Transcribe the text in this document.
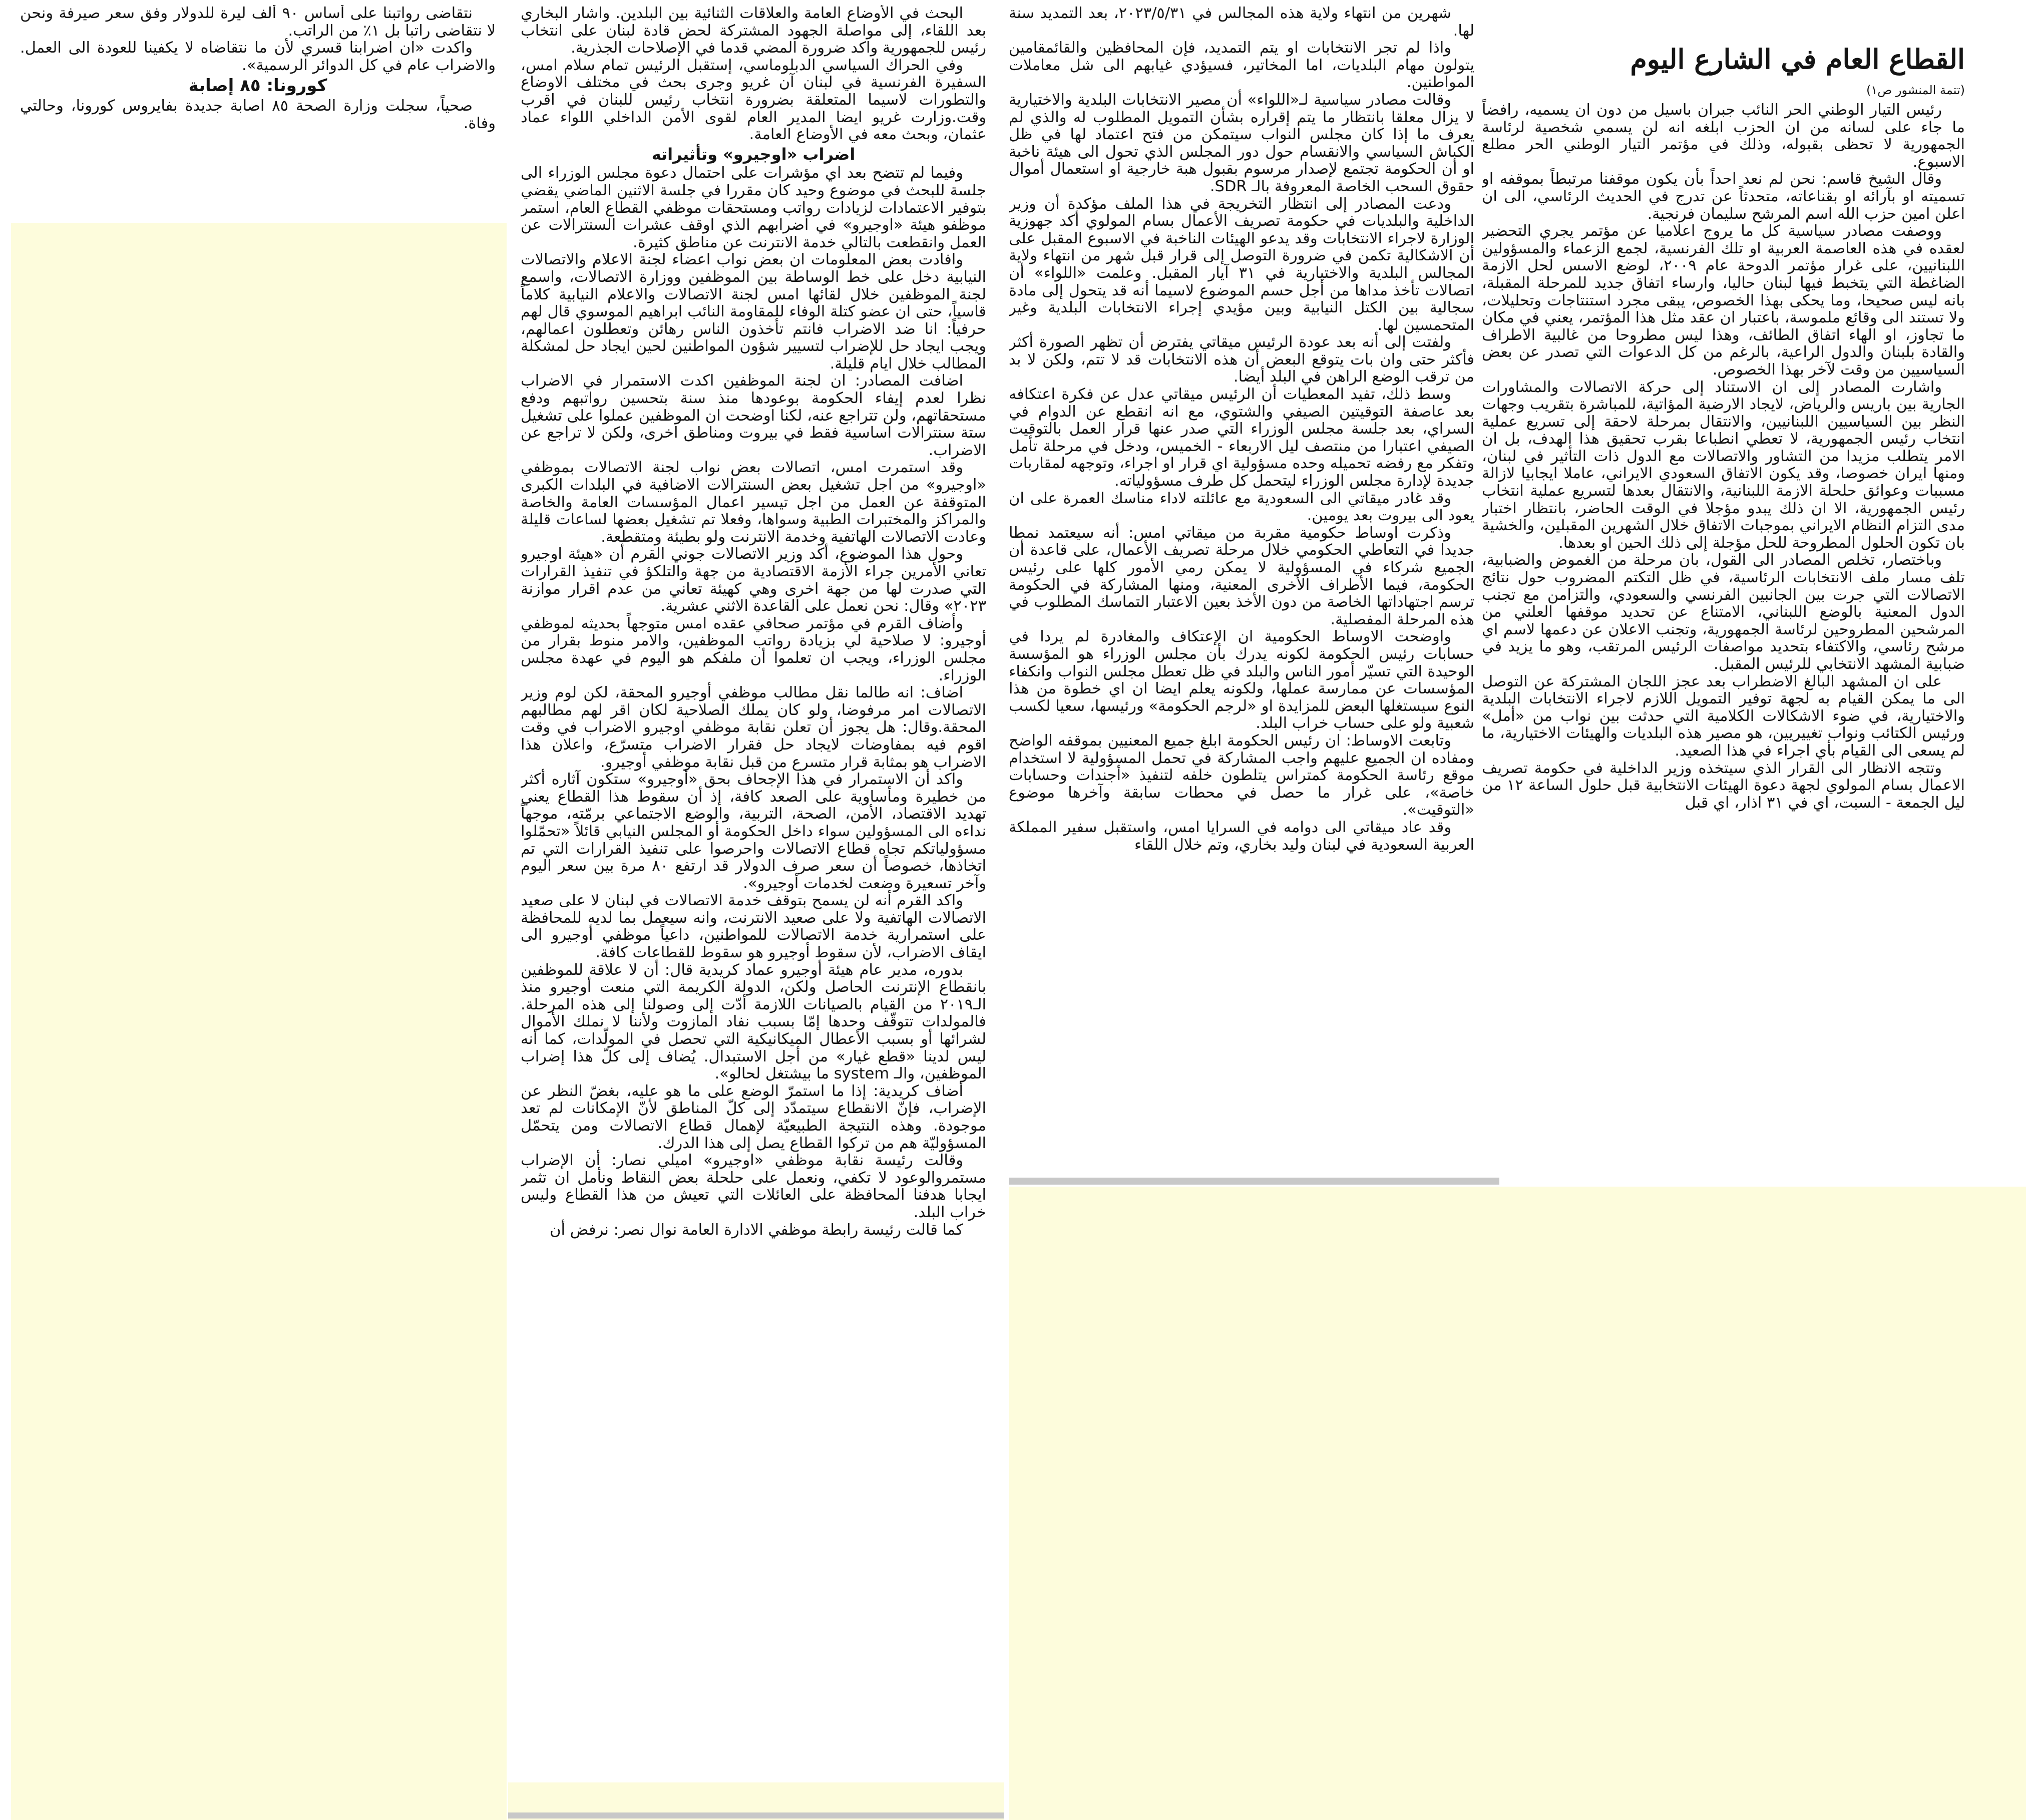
القطاع العام في الشارع اليوم
(تتمة المنشور ص١)

رئيس التيار الوطني الحر النائب جبران باسيل من دون ان يسميه، رافضاً ما جاء على لسانه من ان الحزب ابلغه انه لن يسمي شخصية لرئاسة الجمهورية لا تحظى بقبوله، وذلك في مؤتمر التيار الوطني الحر مطلع الاسبوع.

وقال الشيخ قاسم: نحن لم نعد احداً بأن يكون موقفنا مرتبطاً بموقفه او تسميته او بآرائه او بقناعاته، متحدثاً عن تدرج في الحديث الرئاسي، الى ان اعلن امين حزب الله اسم المرشح سليمان فرنجية.

ووصفت مصادر سياسية كل ما يروج اعلاميا عن مؤتمر يجري التحضير لعقده في هذه العاصمة العربية او تلك الفرنسية، لجمع الزعماء والمسؤولين اللبنانيين، على غرار مؤتمر الدوحة عام ٢٠٠٩، لوضع الاسس لحل الازمة الضاغطة التي يتخبط فيها لبنان حاليا، وارساء اتفاق جديد للمرحلة المقبلة، بانه ليس صحيحا، وما يحكى بهذا الخصوص، يبقى مجرد استنتاجات وتحليلات، ولا تستند الى وقائع ملموسة، باعتبار ان عقد مثل هذا المؤتمر، يعني في مكان ما تجاوز، او الهاء اتفاق الطائف، وهذا ليس مطروحا من غالبية الاطراف والقادة بلبنان والدول الراعية، بالرغم من كل الدعوات التي تصدر عن بعض السياسيين من وقت لآخر بهذا الخصوص.

واشارت المصادر إلى ان الاستناد إلى حركة الاتصالات والمشاورات الجارية بين باريس والرياض، لايجاد الارضية المؤاتية، للمباشرة بتقريب وجهات النظر بين السياسيين اللبنانيين، والانتقال بمرحلة لاحقة إلى تسريع عملية انتخاب رئيس الجمهورية، لا تعطي انطباعا بقرب تحقيق هذا الهدف، بل ان الامر يتطلب مزيدا من التشاور والاتصالات مع الدول ذات التأثير في لبنان، ومنها ايران خصوصا، وقد يكون الاتفاق السعودي الايراني، عاملا ايجابيا لازالة مسببات وعوائق حلحلة الازمة اللبنانية، والانتقال بعدها لتسريع عملية انتخاب رئيس الجمهورية، الا ان ذلك يبدو مؤجلا في الوقت الحاضر، بانتظار اختبار مدى التزام النظام الايراني بموجبات الاتفاق خلال الشهرين المقبلين، والخشية بان تكون الحلول المطروحة للحل مؤجلة إلى ذلك الحين او بعدها.

وباختصار، تخلص المصادر الى القول، بان مرحلة من الغموض والضبابية، تلف مسار ملف الانتخابات الرئاسية، في ظل التكتم المضروب حول نتائج الاتصالات التي جرت بين الجانبين الفرنسي والسعودي، والتزامن مع تجنب الدول المعنية بالوضع اللبناني، الامتناع عن تحديد موقفها العلني من المرشحين المطروحين لرئاسة الجمهورية، وتجنب الاعلان عن دعمها لاسم اي مرشح رئاسي، والاكتفاء بتحديد مواصفات الرئيس المرتقب، وهو ما يزيد في ضبابية المشهد الانتخابي للرئيس المقبل.

على ان المشهد البالغ الاضطراب بعد عجز اللجان المشتركة عن التوصل الى ما يمكن القيام به لجهة توفير التمويل اللازم لاجراء الانتخابات البلدية والاختيارية، في ضوء الاشكالات الكلامية التي حدثت بين نواب من «أمل» ورئيس الكتائب ونواب تغييريين، هو مصير هذه البلديات والهيئات الاختيارية، ما لم يسعى الى القيام بأي اجراء في هذا الصعيد.

وتتجه الانظار الى القرار الذي سيتخذه وزير الداخلية في حكومة تصريف الاعمال بسام المولوي لجهة دعوة الهيئات الانتخابية قبل حلول الساعة ١٢ من ليل الجمعة - السبت، اي في ٣١ اذار، اي قبل

شهرين من انتهاء ولاية هذه المجالس في ٢٠٢٣/٥/٣١، بعد التمديد سنة لها.

واذا لم تجر الانتخابات او يتم التمديد، فإن المحافظين والقائمقامين يتولون مهام البلديات، اما المخاتير، فسيؤدي غيابهم الى شل معاملات المواطنين.

وقالت مصادر سياسية لـ«اللواء» أن مصير الانتخابات البلدية والاختيارية لا يزال معلقا بانتظار ما يتم إقراره بشأن التمويل المطلوب له والذي لم يعرف ما إذا كان مجلس النواب سيتمكن من فتح اعتماد لها في ظل الكباش السياسي والانقسام حول دور المجلس الذي تحول الى هيئة ناخبة او أن الحكومة تجتمع لإصدار مرسوم بقبول هبة خارجية او استعمال أموال حقوق السحب الخاصة المعروفة بالـ SDR.

ودعت المصادر إلى انتظار التخريجة في هذا الملف مؤكدة أن وزير الداخلية والبلديات في حكومة تصريف الأعمال بسام المولوي أكد جهوزية الوزارة لاجراء الانتخابات وقد يدعو الهيئات الناخبة في الاسبوع المقبل على أن الاشكالية تكمن في ضرورة التوصل إلى قرار قبل شهر من انتهاء ولاية المجالس البلدية والاختيارية في ٣١ آيار المقبل. وعلمت «اللواء» أن اتصالات تأخذ مداها من أجل حسم الموضوع لاسيما أنه قد يتحول إلى مادة سجالية بين الكتل النيابية وبين مؤيدي إجراء الانتخابات البلدية وغير المتحمسين لها.

ولفتت إلى أنه بعد عودة الرئيس ميقاتي يفترض أن تظهر الصورة أكثر فأكثر حتى وان بات يتوقع البعض أن هذه الانتخابات قد لا تتم، ولكن لا بد من ترقب الوضع الراهن في البلد أيضا.

وسط ذلك، تفيد المعطيات أن الرئيس ميقاتي عدل عن فكرة اعتكافه بعد عاصفة التوقيتين الصيفي والشتوي، مع انه انقطع عن الدوام في السراي، بعد جلسة مجلس الوزراء التي صدر عنها قرار العمل بالتوقيت الصيفي اعتبارا من منتصف ليل الاربعاء - الخميس، ودخل في مرحلة تأمل وتفكر مع رفضه تحميله وحده مسؤولية اي قرار او اجراء، وتوجهه لمقاربات جديدة لإدارة مجلس الوزراء ليتحمل كل طرف مسؤولياته.

وقد غادر ميقاتي الى السعودية مع عائلته لاداء مناسك العمرة على ان يعود الى بيروت بعد يومين.

وذكرت اوساط حكومية مقربة من ميقاتي امس: أنه سيعتمد نمطا جديدا في التعاطي الحكومي خلال مرحلة تصريف الأعمال، على قاعدة أن الجميع شركاء في المسؤولية لا يمكن رمي الأمور كلها على رئيس الحكومة، فيما الأطراف الأخرى المعنية، ومنها المشاركة في الحكومة ترسم اجتهاداتها الخاصة من دون الأخذ بعين الاعتبار التماسك المطلوب في هذه المرحلة المفصلية.

واوضحت الاوساط الحكومية ان الإعتكاف والمغادرة لم يردا في حسابات رئيس الحكومة لكونه يدرك بأن مجلس الوزراء هو المؤسسة الوحيدة التي تسيّر أمور الناس والبلد في ظل تعطل مجلس النواب وانكفاء المؤسسات عن ممارسة عملها، ولكونه يعلم ايضا ان اي خطوة من هذا النوع سيستغلها البعض للمزايدة او «لرجم الحكومة» ورئيسها، سعيا لكسب شعبية ولو على حساب خراب البلد.

وتابعت الاوساط: ان رئيس الحكومة ابلغ جميع المعنيين بموقفه الواضح ومفاده ان الجميع عليهم واجب المشاركة في تحمل المسؤولية لا استخدام موقع رئاسة الحكومة كمتراس يتلطون خلفه لتنفيذ «أجندات وحسابات خاصة»، على غرار ما حصل في محطات سابقة وآخرها موضوع «التوقيت».

وقد عاد ميقاتي الى دوامه في السرايا امس، واستقبل سفير المملكة العربية السعودية في لبنان وليد بخاري، وتم خلال اللقاء

البحث في الأوضاع العامة والعلاقات الثنائية بين البلدين. واشار البخاري بعد اللقاء، إلى مواصلة الجهود المشتركة لحض قادة لبنان على انتخاب رئيس للجمهورية واكد ضرورة المضي قدما في الإصلاحات الجذرية.

وفي الحراك السياسي الدبلوماسي، إستقبل الرئيس تمام سلام امس، السفيرة الفرنسية في لبنان آن غريو وجرى بحث في مختلف الاوضاع والتطورات لاسيما المتعلقة بضرورة انتخاب رئيس للبنان في اقرب وقت.وزارت غريو ايضا المدير العام لقوى الأمن الداخلي اللواء عماد عثمان، وبحث معه في الأوضاع العامة.

اضراب «اوجيرو» وتأثيراته

وفيما لم تتضح بعد اي مؤشرات على احتمال دعوة مجلس الوزراء الى جلسة للبحث في موضوع وحيد كان مقررا في جلسة الاثنين الماضي يقضي بتوفير الاعتمادات لزيادات رواتب ومستحقات موظفي القطاع العام، استمر موظفو هيئة «اوجيرو» في اضرابهم الذي اوقف عشرات السنترالات عن العمل وانقطعت بالتالي خدمة الانترنت عن مناطق كثيرة.

وافادت بعض المعلومات ان بعض نواب اعضاء لجنة الاعلام والاتصالات النيابية دخل على خط الوساطة بين الموظفين ووزارة الاتصالات، واسمع لجنة الموظفين خلال لقائها امس لجنة الاتصالات والاعلام النيابية كلاماً قاسياً، حتى ان عضو كتلة الوفاء للمقاومة النائب ابراهيم الموسوي قال لهم حرفياً: انا ضد الاضراب فانتم تأخذون الناس رهائن وتعطلون اعمالهم، ويجب ايجاد حل للإضراب لتسيير شؤون المواطنين لحين ايجاد حل لمشكلة المطالب خلال ايام قليلة.

اضافت المصادر: ان لجنة الموظفين اكدت الاستمرار في الاضراب نظرا لعدم إيفاء الحكومة بوعودها منذ سنة بتحسين رواتبهم ودفع مستحقاتهم، ولن تتراجع عنه، لكنا اوضحت ان الموظفين عملوا على تشغيل ستة سنترالات اساسية فقط في بيروت ومناطق اخرى، ولكن لا تراجع عن الاضراب.

وقد استمرت امس، اتصالات بعض نواب لجنة الاتصالات بموظفي «اوجيرو» من اجل تشغيل بعض السنترالات الاضافية في البلدات الكبرى المتوقفة عن العمل من اجل تيسير اعمال المؤسسات العامة والخاصة والمراكز والمختبرات الطبية وسواها، وفعلا تم تشغيل بعضها لساعات قليلة وعادت الاتصالات الهاتفية وخدمة الانترنت ولو بطيئة ومتقطعة.

وحول هذا الموضوع، أكد وزير الاتصالات جوني القرم أن «هيئة اوجيرو تعاني الأمرين جراء الأزمة الاقتصادية من جهة والتلكؤ في تنفيذ القرارات التي صدرت لها من جهة اخرى وهي كهيئة تعاني من عدم اقرار موازنة ٢٠٢٣» وقال: نحن نعمل على القاعدة الاثني عشرية.

وأضاف القرم في مؤتمر صحافي عقده امس متوجهاً بحديثه لموظفي أوجيرو: لا صلاحية لي بزيادة رواتب الموظفين، والامر منوط بقرار من مجلس الوزراء، ويجب ان تعلموا أن ملفكم هو اليوم في عهدة مجلس الوزراء.

اضاف: انه طالما نقل مطالب موظفي أوجيرو المحقة، لكن لوم وزير الاتصالات امر مرفوضا، ولو كان يملك الصلاحية لكان اقر لهم مطالبهم المحقة.وقال: هل يجوز أن تعلن نقابة موظفي اوجيرو الاضراب في وقت اقوم فيه بمفاوضات لايجاد حل فقرار الاضراب متسرّع، واعلان هذا الاضراب هو بمثابة قرار متسرع من قبل نقابة موظفي أوجيرو.

واكد أن الاستمرار في هذا الإجحاف بحق «أوجيرو» ستكون آثاره أكثر من خطيرة ومأساوية على الصعد كافة، إذ أن سقوط هذا القطاع يعني تهديد الاقتصاد، الأمن، الصحة، التربية، والوضع الاجتماعي برمّته، موجهاً نداءه الى المسؤولين سواء داخل الحكومة أو المجلس النيابي قائلاً «تحمّلوا مسؤولياتكم تجاه قطاع الاتصالات واحرصوا على تنفيذ القرارات التي تم اتخاذها، خصوصاً أن سعر صرف الدولار قد ارتفع ٨٠ مرة بين سعر اليوم وآخر تسعيرة وضعت لخدمات أوجيرو».

واكد القرم أنه لن يسمح بتوقف خدمة الاتصالات في لبنان لا على صعيد الاتصالات الهاتفية ولا على صعيد الانترنت، وانه سيعمل بما لديه للمحافظة على استمرارية خدمة الاتصالات للمواطنين، داعياً موظفي أوجيرو الى ايقاف الاضراب، لأن سقوط أوجيرو هو سقوط للقطاعات كافة.

بدوره، مدير عام هيئة أوجيرو عماد كريدية قال: أن لا علاقة للموظفين بانقطاع الإنترنت الحاصل ولكن، الدولة الكريمة التي منعت أوجيرو منذ الـ٢٠١٩ من القيام بالصيانات اللازمة أدّت إلى وصولنا إلى هذه المرحلة. فالمولدات تتوقّف وحدها إمّا بسبب نفاد المازوت ولأننا لا نملك الأموال لشرائها أو بسبب الأعطال الميكانيكية التي تحصل في المولّدات، كما أنه ليس لدينا «قطع غيار» من أجل الاستبدال. يُضاف إلى كلّ هذا إضراب الموظفين، والـ system ما بيشتغل لحالو».

أضاف كريدية: إذا ما استمرّ الوضع على ما هو عليه، بغضّ النظر عن الإضراب، فإنّ الانقطاع سيتمدّد إلى كلّ المناطق لأنّ الإمكانات لم تعد موجودة. وهذه النتيجة الطبيعيّة لإهمال قطاع الاتصالات ومن يتحمّل المسؤوليّة هم من تركوا القطاع يصل إلى هذا الدرك.

وقالت رئيسة نقابة موظفي «اوجيرو» اميلي نصار: أن الإضراب مستمروالوعود لا تكفي، ونعمل على حلحلة بعض النقاط ونأمل ان تثمر ايجابا هدفنا المحافظة على العائلات التي تعيش من هذا القطاع وليس خراب البلد.

كما قالت رئيسة رابطة موظفي الادارة العامة نوال نصر: نرفض أن

نتقاضى رواتبنا على أساس ٩٠ ألف ليرة للدولار وفق سعر صيرفة ونحن لا نتقاضى راتبا بل ١٪ من الراتب.

واكدت «ان اضرابنا قسري لأن ما نتقاضاه لا يكفينا للعودة الى العمل. والاضراب عام في كل الدوائر الرسمية».

كورونا: ٨٥ إصابة

صحياً، سجلت وزارة الصحة ٨٥ اصابة جديدة بفايروس كورونا، وحالتي وفاة.
